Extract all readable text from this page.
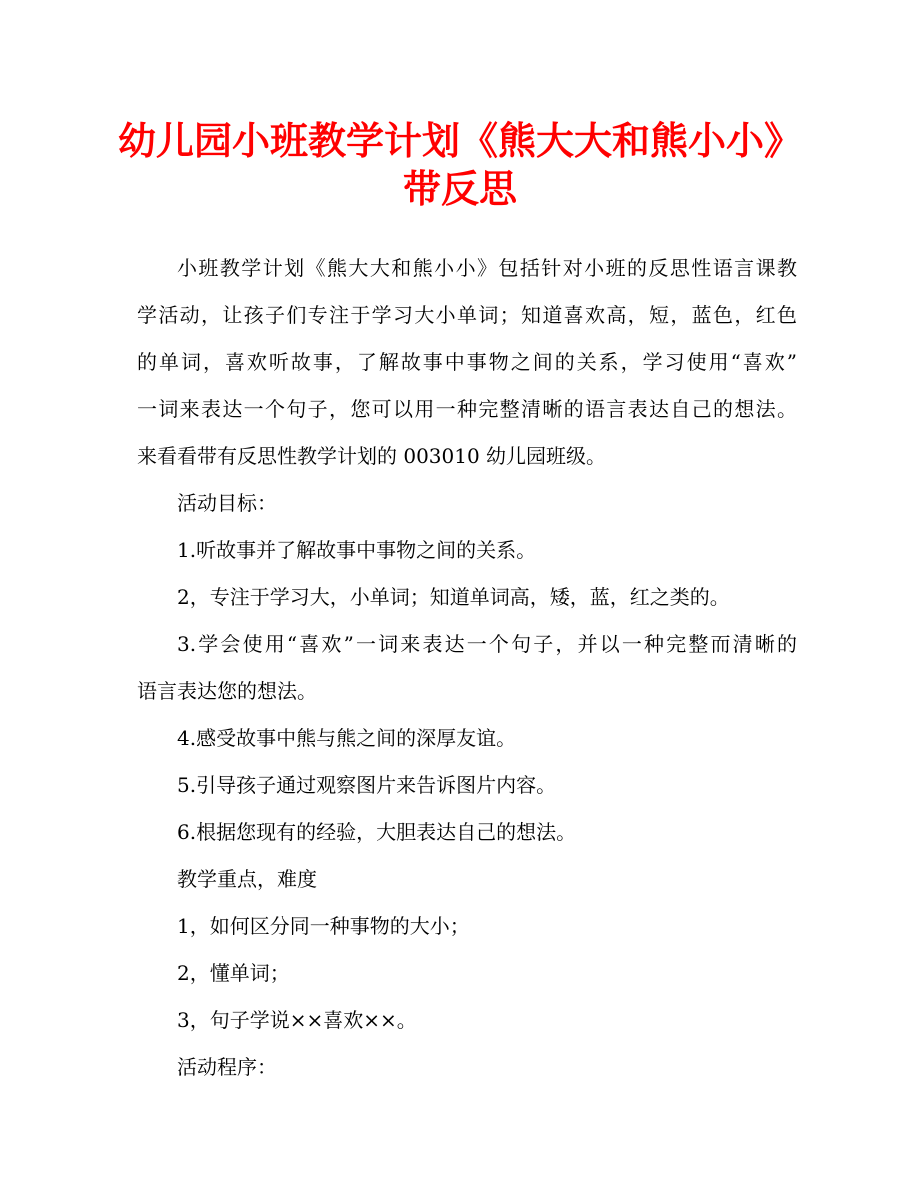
幼儿园小班教学计划《熊大大和熊小小》
带反思
小班教学计划《熊大大和熊小小》包括针对小班的反思性语言课教
学活动，让孩子们专注于学习大小单词；知道喜欢高，短，蓝色，红色
的单词，喜欢听故事，了解故事中事物之间的关系，学习使用“喜欢”
一词来表达一个句子，您可以用一种完整清晰的语言表达自己的想法。
来看看带有反思性教学计划的 003010 幼儿园班级。
活动目标：
1.听故事并了解故事中事物之间的关系。
2，专注于学习大，小单词；知道单词高，矮，蓝，红之类的。
3.学会使用“喜欢”一词来表达一个句子，并以一种完整而清晰的
语言表达您的想法。
4.感受故事中熊与熊之间的深厚友谊。
5.引导孩子通过观察图片来告诉图片内容。
6.根据您现有的经验，大胆表达自己的想法。
教学重点，难度
1，如何区分同一种事物的大小；
2，懂单词；
3，句子学说××喜欢××。
活动程序：
